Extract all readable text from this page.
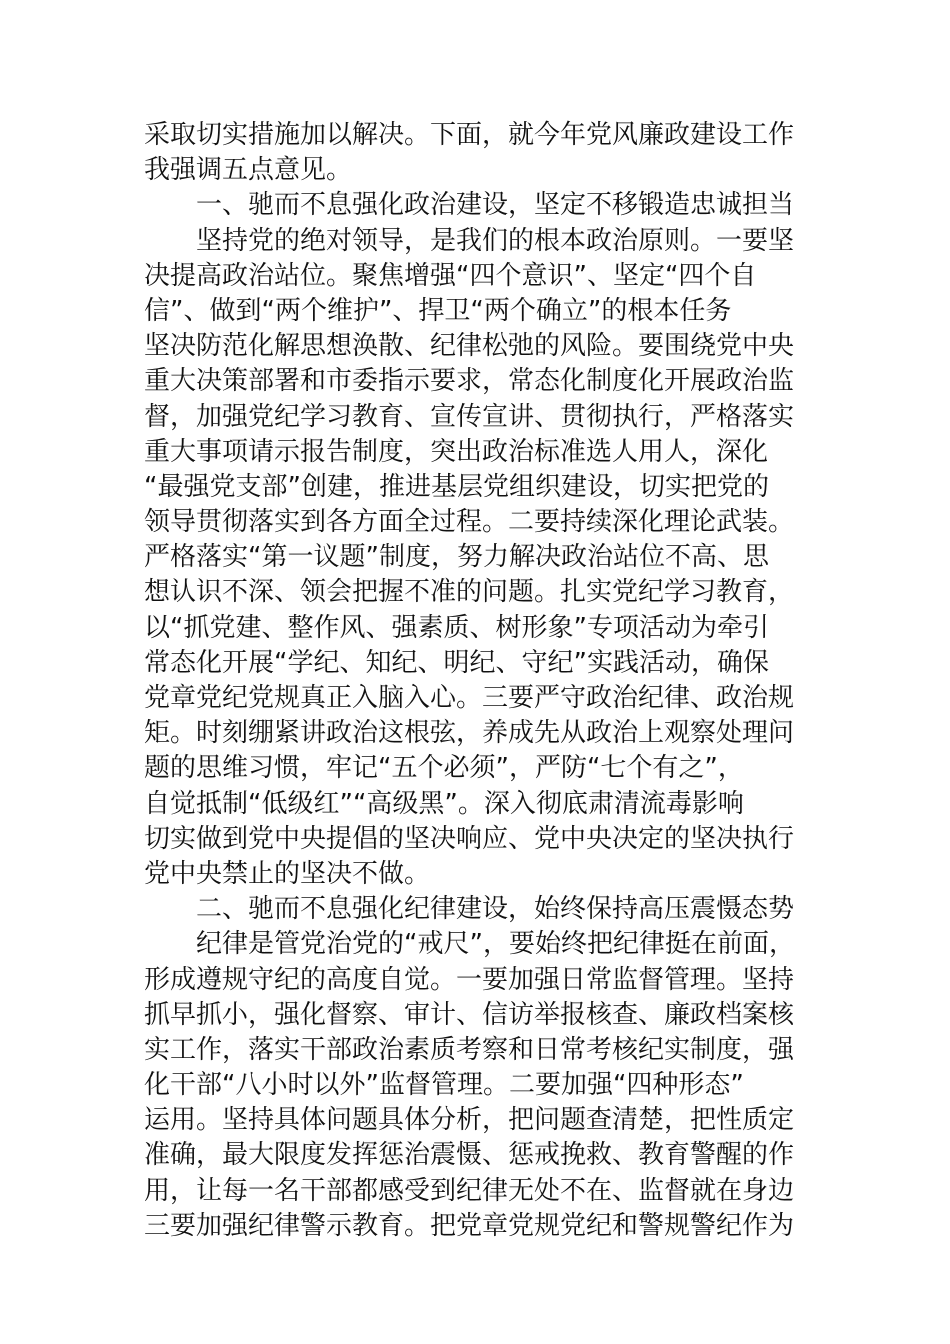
采取切实措施加以解决。下面，就今年党风廉政建设工作
我强调五点意见。
　　一、驰而不息强化政治建设，坚定不移锻造忠诚担当
　　坚持党的绝对领导，是我们的根本政治原则。一要坚
决提高政治站位。聚焦增强“四个意识”、坚定“四个自
信”、做到“两个维护”、捍卫“两个确立”的根本任务
坚决防范化解思想涣散、纪律松弛的风险。要围绕党中央
重大决策部署和市委指示要求，常态化制度化开展政治监
督，加强党纪学习教育、宣传宣讲、贯彻执行，严格落实
重大事项请示报告制度，突出政治标准选人用人，深化
“最强党支部”创建，推进基层党组织建设，切实把党的
领导贯彻落实到各方面全过程。二要持续深化理论武装。
严格落实“第一议题”制度，努力解决政治站位不高、思
想认识不深、领会把握不准的问题。扎实党纪学习教育，
以“抓党建、整作风、强素质、树形象”专项活动为牵引
常态化开展“学纪、知纪、明纪、守纪”实践活动，确保
党章党纪党规真正入脑入心。三要严守政治纪律、政治规
矩。时刻绷紧讲政治这根弦，养成先从政治上观察处理问
题的思维习惯，牢记“五个必须”，严防“七个有之”，
自觉抵制“低级红”“高级黑”。深入彻底肃清流毒影响
切实做到党中央提倡的坚决响应、党中央决定的坚决执行
党中央禁止的坚决不做。
　　二、驰而不息强化纪律建设，始终保持高压震慑态势
　　纪律是管党治党的“戒尺”，要始终把纪律挺在前面，
形成遵规守纪的高度自觉。一要加强日常监督管理。坚持
抓早抓小，强化督察、审计、信访举报核查、廉政档案核
实工作，落实干部政治素质考察和日常考核纪实制度，强
化干部“八小时以外”监督管理。二要加强“四种形态”
运用。坚持具体问题具体分析，把问题查清楚，把性质定
准确，最大限度发挥惩治震慑、惩戒挽救、教育警醒的作
用，让每一名干部都感受到纪律无处不在、监督就在身边
三要加强纪律警示教育。把党章党规党纪和警规警纪作为
